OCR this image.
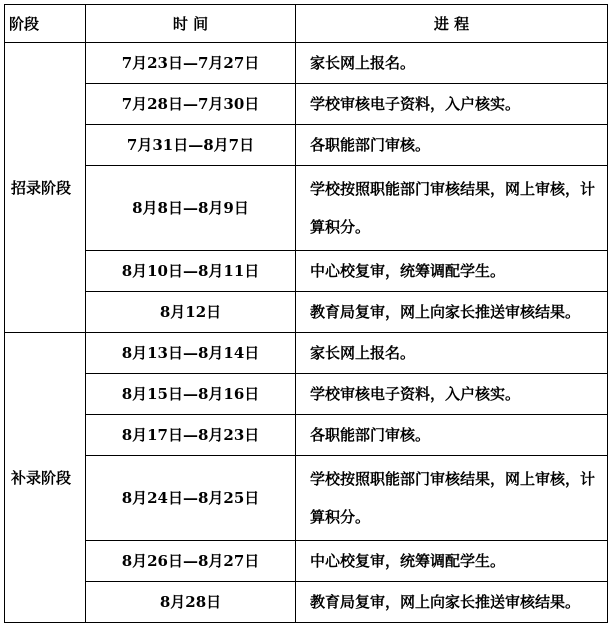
阶段	时 间	进 程
招录阶段	7月23日—7月27日	家长网上报名。
	7月28日—7月30日	学校审核电子资料，入户核实。
	7月31日—8月7日	各职能部门审核。
	8月8日—8月9日	学校按照职能部门审核结果，网上审核，计算积分。
	8月10日—8月11日	中心校复审，统筹调配学生。
	8月12日	教育局复审，网上向家长推送审核结果。
补录阶段	8月13日—8月14日	家长网上报名。
	8月15日—8月16日	学校审核电子资料，入户核实。
	8月17日—8月23日	各职能部门审核。
	8月24日—8月25日	学校按照职能部门审核结果，网上审核，计算积分。
	8月26日—8月27日	中心校复审，统筹调配学生。
	8月28日	教育局复审，网上向家长推送审核结果。
